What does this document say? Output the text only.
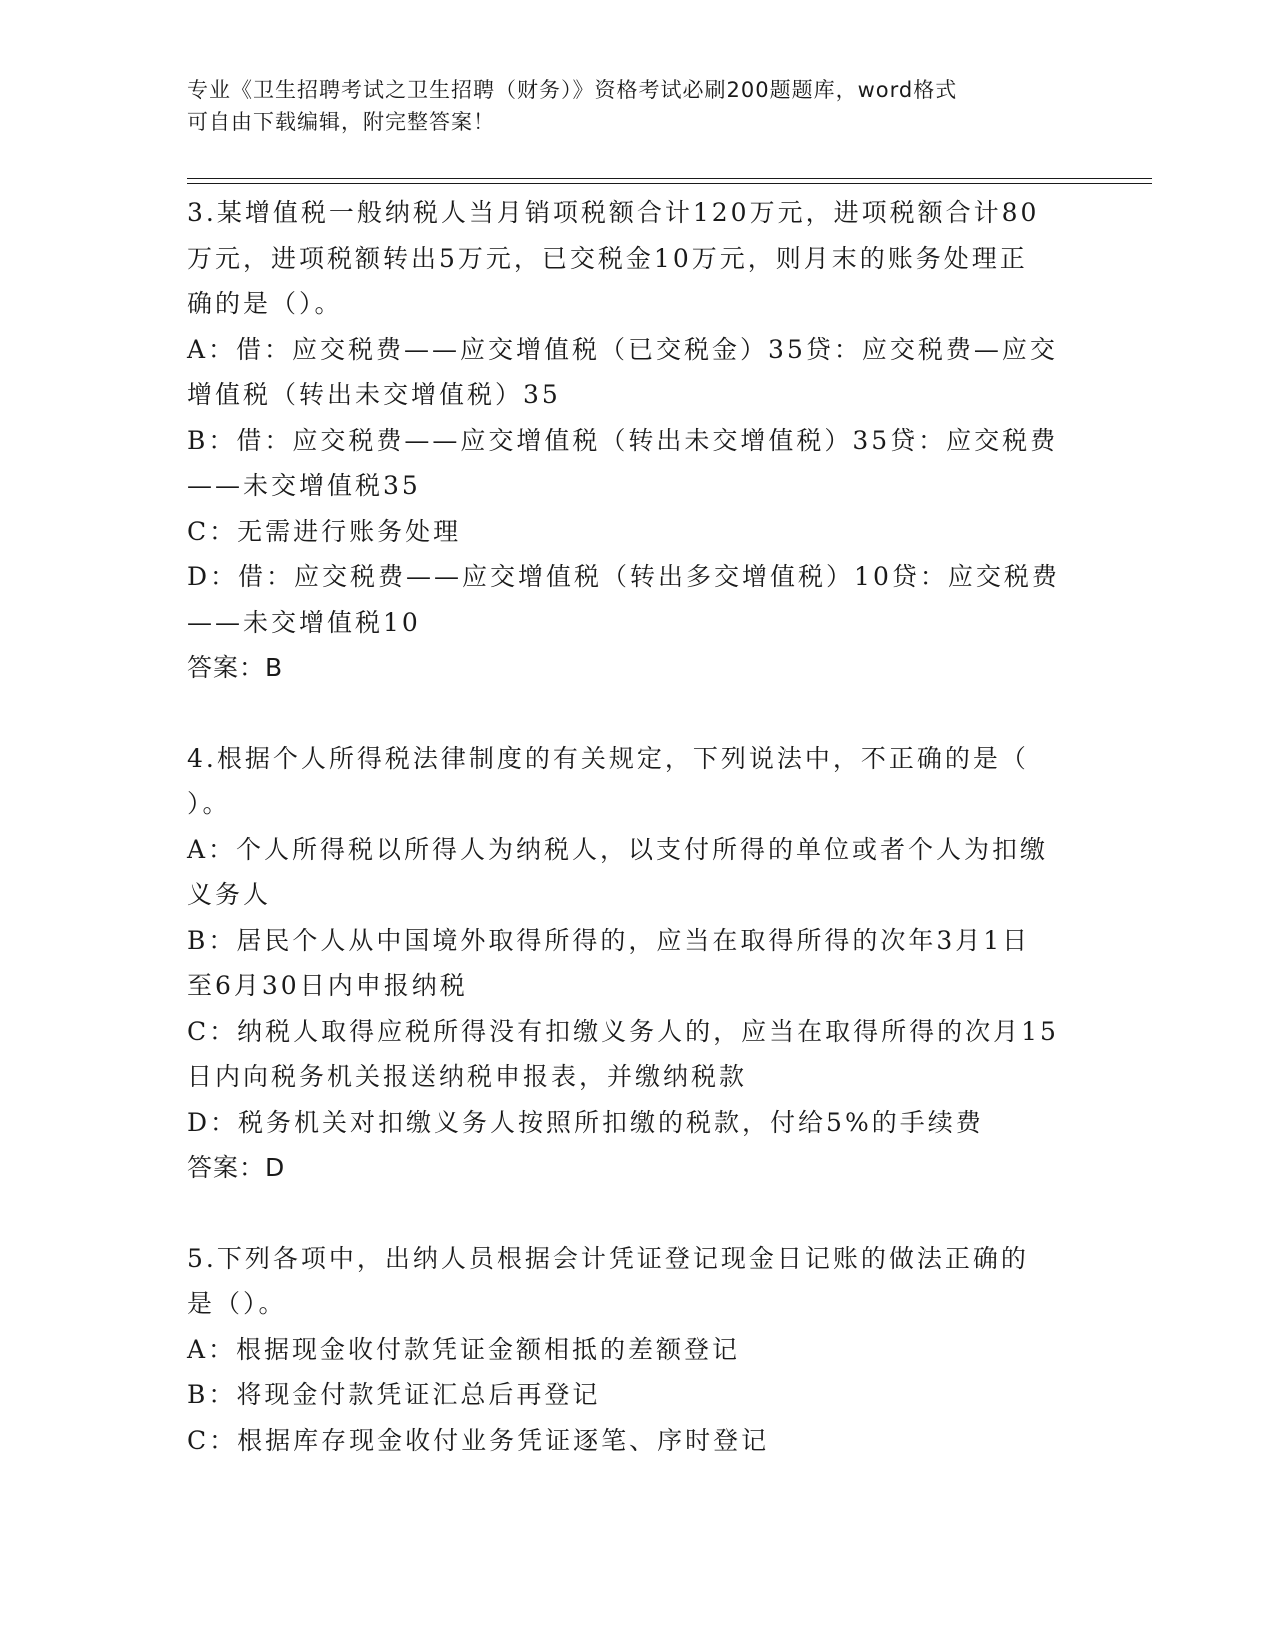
专业《卫生招聘考试之卫生招聘（财务）》资格考试必刷200题题库，word格式
可自由下载编辑，附完整答案！
3.某增值税一般纳税人当月销项税额合计120万元，进项税额合计80
万元，进项税额转出5万元，已交税金10万元，则月末的账务处理正
确的是（）。
A：借：应交税费——应交增值税（已交税金）35贷：应交税费—应交
增值税（转出未交增值税）35
B：借：应交税费——应交增值税（转出未交增值税）35贷：应交税费
——未交增值税35
C：无需进行账务处理
D：借：应交税费——应交增值税（转出多交增值税）10贷：应交税费
——未交增值税10
答案：B
4.根据个人所得税法律制度的有关规定，下列说法中，不正确的是（
）。
A：个人所得税以所得人为纳税人，以支付所得的单位或者个人为扣缴
义务人
B：居民个人从中国境外取得所得的，应当在取得所得的次年3月1日
至6月30日内申报纳税
C：纳税人取得应税所得没有扣缴义务人的，应当在取得所得的次月15
日内向税务机关报送纳税申报表，并缴纳税款
D：税务机关对扣缴义务人按照所扣缴的税款，付给5%的手续费
答案：D
5.下列各项中，出纳人员根据会计凭证登记现金日记账的做法正确的
是（）。
A：根据现金收付款凭证金额相抵的差额登记
B：将现金付款凭证汇总后再登记
C：根据库存现金收付业务凭证逐笔、序时登记
